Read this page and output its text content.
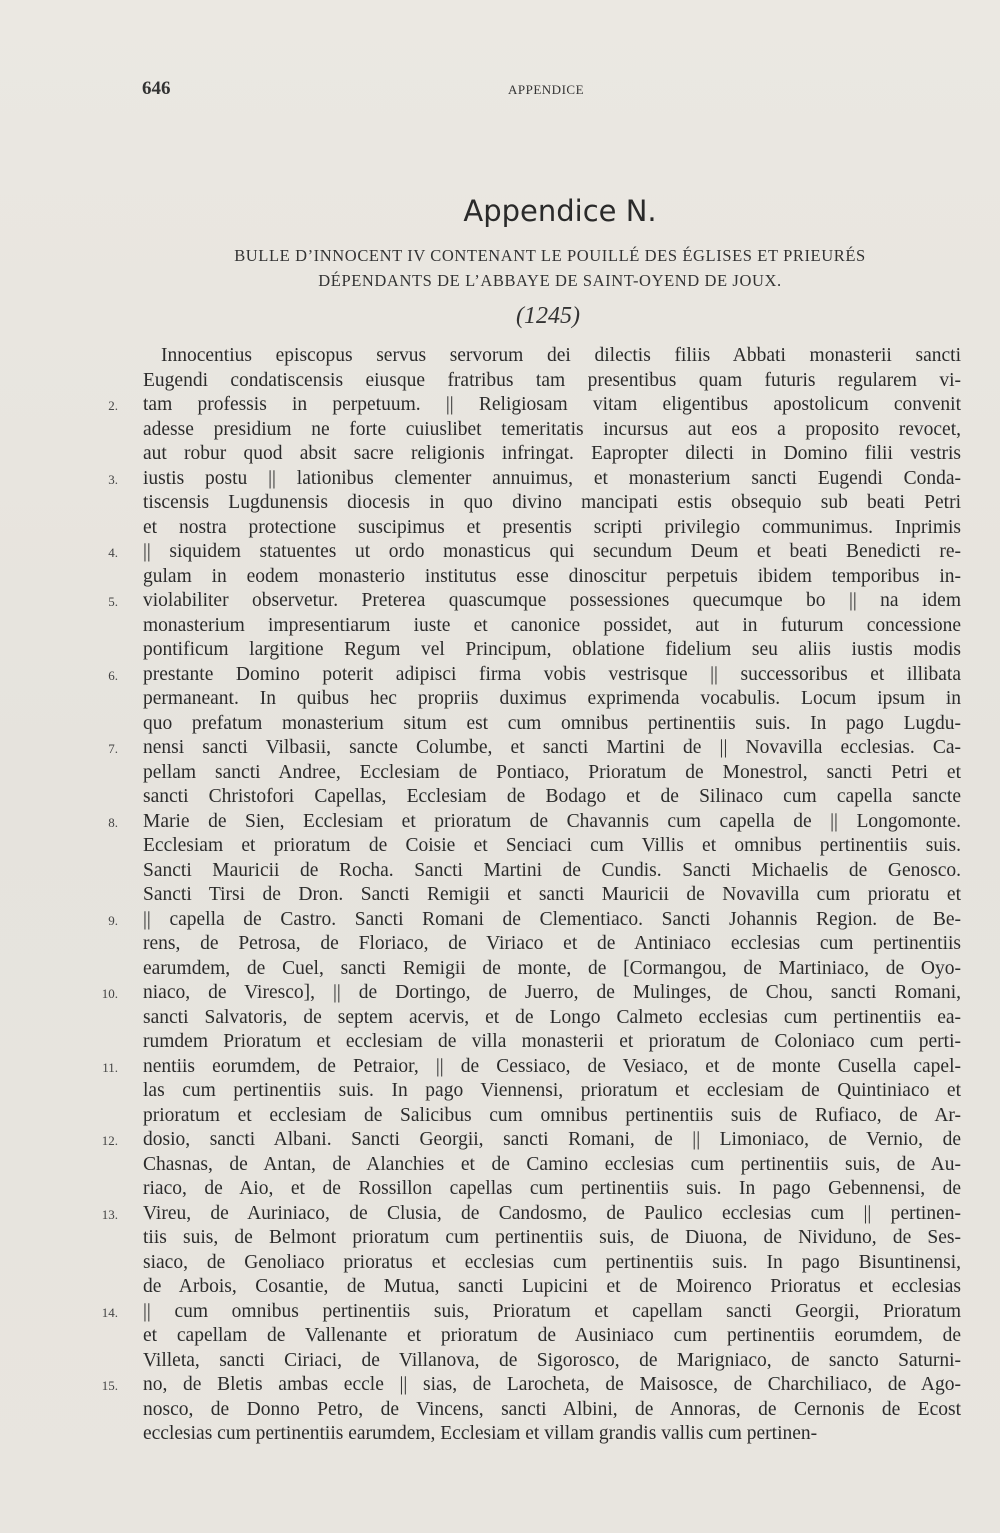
646	APPENDICE
Appendice N.
BULLE D’INNOCENT IV CONTENANT LE POUILLÉ DES ÉGLISES ET PRIEURÉS
DÉPENDANTS DE L’ABBAYE DE SAINT-OYEND DE JOUX.
(1245)
Innocentius episcopus servus servorum dei dilectis filiis Abbati monasterii sancti
Eugendi condatiscensis eiusque fratribus tam presentibus quam futuris regularem vi-
tam professis in perpetuum. || Religiosam vitam eligentibus apostolicum convenit
adesse presidium ne forte cuiuslibet temeritatis incursus aut eos a proposito revocet,
aut robur quod absit sacre religionis infringat. Eapropter dilecti in Domino filii vestris
iustis postu || lationibus clementer annuimus, et monasterium sancti Eugendi Conda-
tiscensis Lugdunensis diocesis in quo divino mancipati estis obsequio sub beati Petri
et nostra protectione suscipimus et presentis scripti privilegio communimus. Inprimis
|| siquidem statuentes ut ordo monasticus qui secundum Deum et beati Benedicti re-
gulam in eodem monasterio institutus esse dinoscitur perpetuis ibidem temporibus in-
violabiliter observetur. Preterea quascumque possessiones quecumque bo || na idem
monasterium impresentiarum iuste et canonice possidet, aut in futurum concessione
pontificum largitione Regum vel Principum, oblatione fidelium seu aliis iustis modis
prestante Domino poterit adipisci firma vobis vestrisque || successoribus et illibata
permaneant. In quibus hec propriis duximus exprimenda vocabulis. Locum ipsum in
quo prefatum monasterium situm est cum omnibus pertinentiis suis. In pago Lugdu-
nensi sancti Vilbasii, sancte Columbe, et sancti Martini de || Novavilla ecclesias. Ca-
pellam sancti Andree, Ecclesiam de Pontiaco, Prioratum de Monestrol, sancti Petri et
sancti Christofori Capellas, Ecclesiam de Bodago et de Silinaco cum capella sancte
Marie de Sien, Ecclesiam et prioratum de Chavannis cum capella de || Longomonte.
Ecclesiam et prioratum de Coisie et Senciaci cum Villis et omnibus pertinentiis suis.
Sancti Mauricii de Rocha. Sancti Martini de Cundis. Sancti Michaelis de Genosco.
Sancti Tirsi de Dron. Sancti Remigii et sancti Mauricii de Novavilla cum prioratu et
|| capella de Castro. Sancti Romani de Clementiaco. Sancti Johannis Region. de Be-
rens, de Petrosa, de Floriaco, de Viriaco et de Antiniaco ecclesias cum pertinentiis
earumdem, de Cuel, sancti Remigii de monte, de [Cormangou, de Martiniaco, de Oyo-
niaco, de Viresco], || de Dortingo, de Juerro, de Mulinges, de Chou, sancti Romani,
sancti Salvatoris, de septem acervis, et de Longo Calmeto ecclesias cum pertinentiis ea-
rumdem Prioratum et ecclesiam de villa monasterii et prioratum de Coloniaco cum perti-
nentiis eorumdem, de Petraior, || de Cessiaco, de Vesiaco, et de monte Cusella capel-
las cum pertinentiis suis. In pago Viennensi, prioratum et ecclesiam de Quintiniaco et
prioratum et ecclesiam de Salicibus cum omnibus pertinentiis suis de Rufiaco, de Ar-
dosio, sancti Albani. Sancti Georgii, sancti Romani, de || Limoniaco, de Vernio, de
Chasnas, de Antan, de Alanchies et de Camino ecclesias cum pertinentiis suis, de Au-
riaco, de Aio, et de Rossillon capellas cum pertinentiis suis. In pago Gebennensi, de
Vireu, de Auriniaco, de Clusia, de Candosmo, de Paulico ecclesias cum || pertinen-
tiis suis, de Belmont prioratum cum pertinentiis suis, de Diuona, de Nividuno, de Ses-
siaco, de Genoliaco prioratus et ecclesias cum pertinentiis suis. In pago Bisuntinensi,
de Arbois, Cosantie, de Mutua, sancti Lupicini et de Moirenco Prioratus et ecclesias
|| cum omnibus pertinentiis suis, Prioratum et capellam sancti Georgii, Prioratum
et capellam de Vallenante et prioratum de Ausiniaco cum pertinentiis eorumdem, de
Villeta, sancti Ciriaci, de Villanova, de Sigorosco, de Marigniaco, de sancto Saturni-
no, de Bletis ambas eccle || sias, de Larocheta, de Maisosce, de Charchiliaco, de Ago-
nosco, de Donno Petro, de Vincens, sancti Albini, de Annoras, de Cernonis de Ecost
ecclesias cum pertinentiis earumdem, Ecclesiam et villam grandis vallis cum pertinen-
2.
3.
4.
5.
6.
7.
8.
9.
10.
11.
12.
13.
14.
15.
